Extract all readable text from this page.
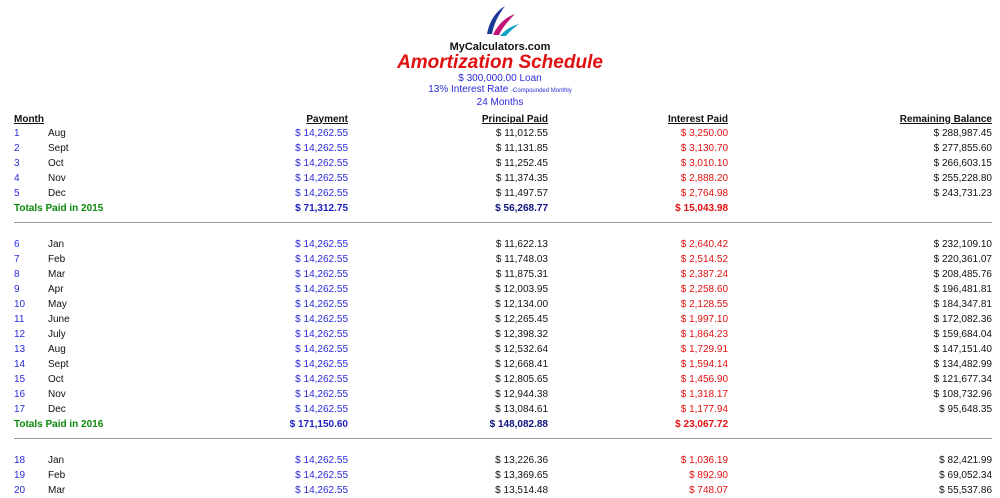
MyCalculators.com
Amortization Schedule
$ 300,000.00 Loan
13% Interest Rate -Compounded Monthly
24 Months
Month		Payment	Principal Paid	Interest Paid	Remaining Balance
1	Aug	$ 14,262.55	$ 11,012.55	$ 3,250.00	$ 288,987.45
2	Sept	$ 14,262.55	$ 11,131.85	$ 3,130.70	$ 277,855.60
3	Oct	$ 14,262.55	$ 11,252.45	$ 3,010.10	$ 266,603.15
4	Nov	$ 14,262.55	$ 11,374.35	$ 2,888.20	$ 255,228.80
5	Dec	$ 14,262.55	$ 11,497.57	$ 2,764.98	$ 243,731.23
Totals Paid in 2015		$ 71,312.75	$ 56,268.77	$ 15,043.98	

6	Jan	$ 14,262.55	$ 11,622.13	$ 2,640.42	$ 232,109.10
7	Feb	$ 14,262.55	$ 11,748.03	$ 2,514.52	$ 220,361.07
8	Mar	$ 14,262.55	$ 11,875.31	$ 2,387.24	$ 208,485.76
9	Apr	$ 14,262.55	$ 12,003.95	$ 2,258.60	$ 196,481.81
10	May	$ 14,262.55	$ 12,134.00	$ 2,128.55	$ 184,347.81
11	June	$ 14,262.55	$ 12,265.45	$ 1,997.10	$ 172,082.36
12	July	$ 14,262.55	$ 12,398.32	$ 1,864.23	$ 159,684.04
13	Aug	$ 14,262.55	$ 12,532.64	$ 1,729.91	$ 147,151.40
14	Sept	$ 14,262.55	$ 12,668.41	$ 1,594.14	$ 134,482.99
15	Oct	$ 14,262.55	$ 12,805.65	$ 1,456.90	$ 121,677.34
16	Nov	$ 14,262.55	$ 12,944.38	$ 1,318.17	$ 108,732.96
17	Dec	$ 14,262.55	$ 13,084.61	$ 1,177.94	$ 95,648.35
Totals Paid in 2016		$ 171,150.60	$ 148,082.88	$ 23,067.72	

18	Jan	$ 14,262.55	$ 13,226.36	$ 1,036.19	$ 82,421.99
19	Feb	$ 14,262.55	$ 13,369.65	$ 892.90	$ 69,052.34
20	Mar	$ 14,262.55	$ 13,514.48	$ 748.07	$ 55,537.86
